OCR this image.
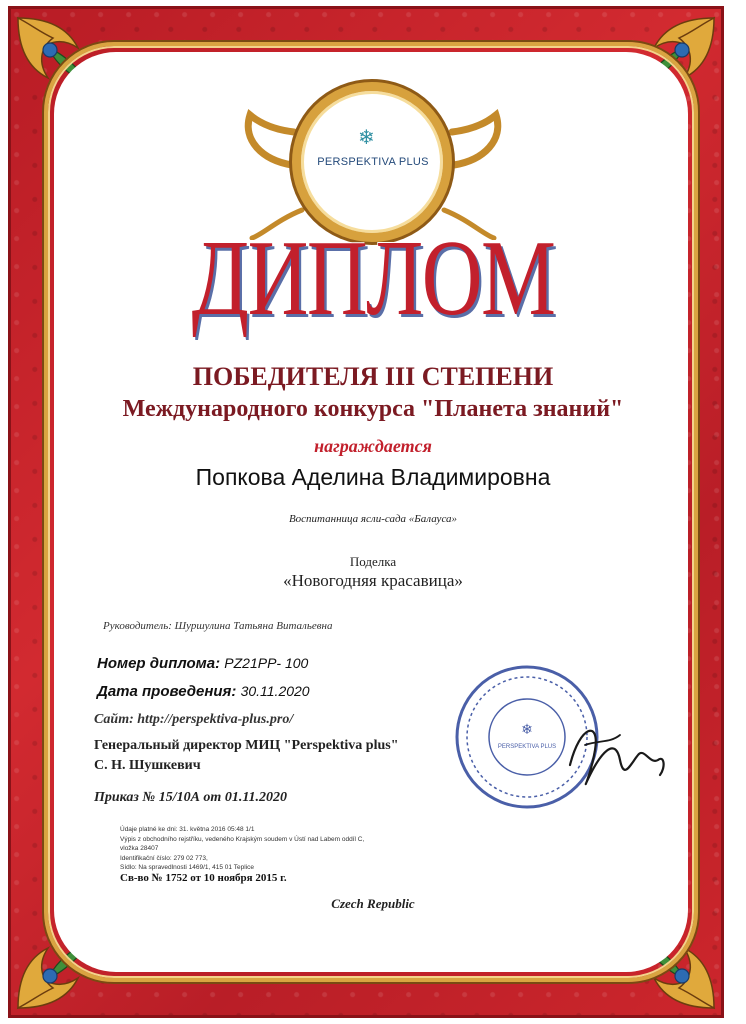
❄
PERSPEKTIVA PLUS
ДИПЛОМ
ПОБЕДИТЕЛЯ III СТЕПЕНИ
Международного конкурса "Планета знаний"
награждается
Попкова Аделина Владимировна
Воспитанница ясли-сада «Балауса»
Поделка
«Новогодняя красавица»
Руководитель: Шуршулина Татьяна Витальевна
Номер диплома: PZ21PP- 100
Дата проведения: 30.11.2020
Сайт: http://perspektiva-plus.pro/
Генеральный директор МИЦ "Perspektiva plus"
С. Н. Шушкевич
Приказ № 15/10А от 01.11.2020
Údaje platné ke dni: 31. května 2016 05:48 1/1
Výpis z obchodního rejstříku, vedeného Krajským soudem v Ústí nad Labem oddíl C,
vložka 28407
Identifikační číslo: 279 02 773,
Sídlo: Na spravedlnosti 1469/1, 415 01 Teplice
Св-во № 1752 от 10 ноября 2015 г.
Czech Republic
❄
PERSPEKTIVA PLUS
